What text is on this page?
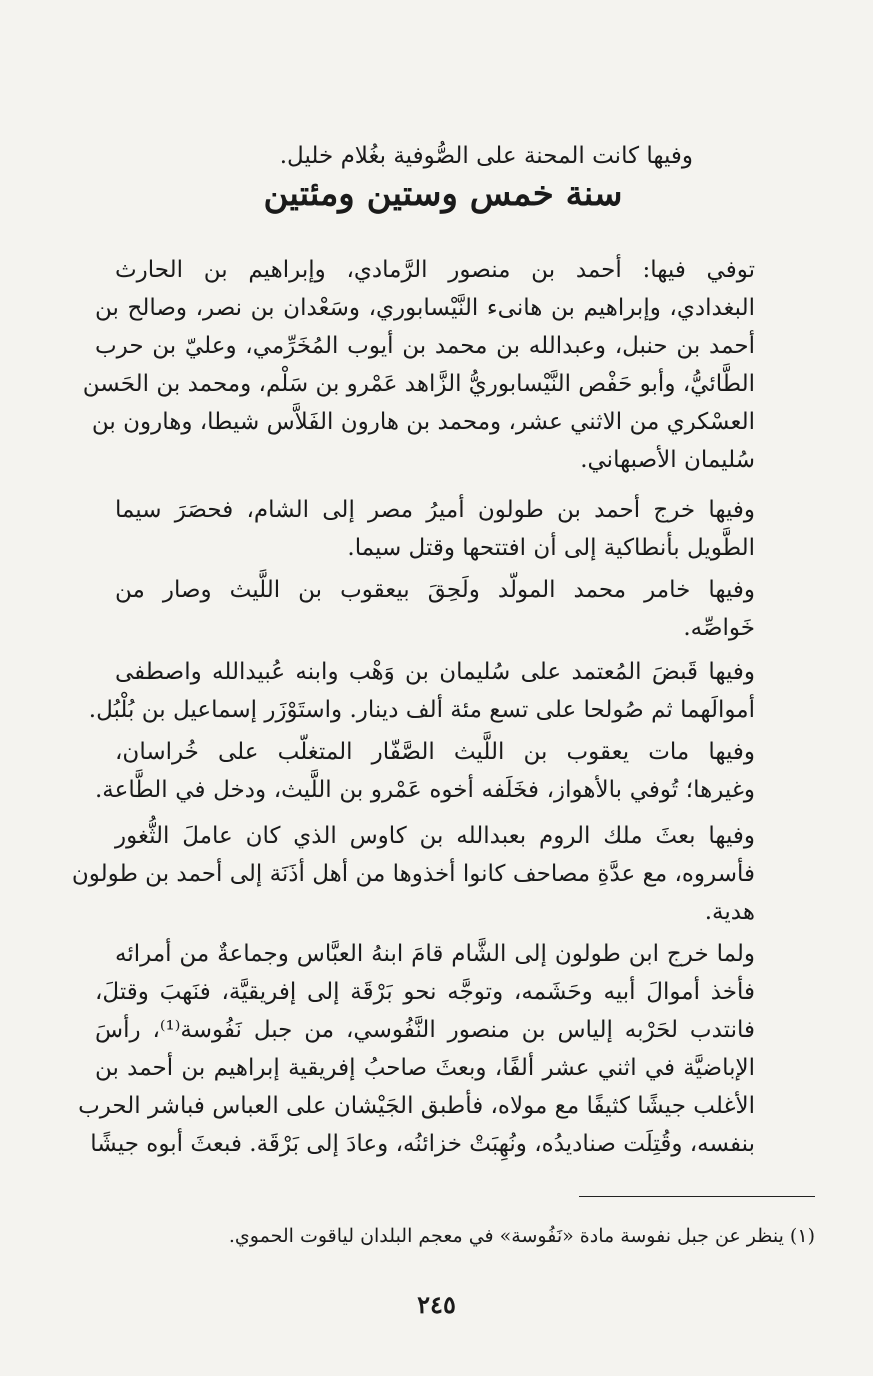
وفيها كانت المحنة على الصُّوفية بغُلام خليل.
سنة خمس وستين ومئتين
توفي فيها: أحمد بن منصور الرَّمادي، وإبراهيم بن الحارث
البغدادي، وإبراهيم بن هانىء النَّيْسابوري، وسَعْدان بن نصر، وصالح بن
أحمد بن حنبل، وعبدالله بن محمد بن أيوب المُخَرِّمي، وعليّ بن حرب
الطَّائيُّ، وأبو حَفْص النَّيْسابوريُّ الزَّاهد عَمْرو بن سَلْم، ومحمد بن الحَسن
العسْكري من الاثني عشر، ومحمد بن هارون الفَلاَّس شيطا، وهارون بن
سُليمان الأصبهاني.
وفيها خرج أحمد بن طولون أميرُ مصر إلى الشام، فحصَرَ سيما
الطَّويل بأنطاكية إلى أن افتتحها وقتل سيما.
وفيها خامر محمد المولّد ولَحِقَ بيعقوب بن اللَّيث وصار من
خَواصِّه.
وفيها قَبضَ المُعتمد على سُليمان بن وَهْب وابنه عُبيدالله واصطفى
أموالَهما ثم صُولحا على تسع مئة ألف دينار. واستَوْزَر إسماعيل بن بُلْبُل.
وفيها مات يعقوب بن اللَّيث الصَّفّار المتغلّب على خُراسان،
وغيرها؛ تُوفي بالأهواز، فخَلَفه أخوه عَمْرو بن اللَّيث، ودخل في الطَّاعة.
وفيها بعثَ ملك الروم بعبدالله بن كاوس الذي كان عاملَ الثُّغور
فأسروه، مع عدَّةِ مصاحف كانوا أخذوها من أهل أذَنَة إلى أحمد بن طولون
هدية.
ولما خرج ابن طولون إلى الشَّام قامَ ابنهُ العبَّاس وجماعةٌ من أمرائه
فأخذ أموالَ أبيه وحَشَمه، وتوجَّه نحو بَرْقَة إلى إفريقيَّة، فنَهبَ وقتلَ،
فانتدب لحَرْبه إلياس بن منصور النَّفُوسي، من جبل نَفُوسة⁽¹⁾، رأسَ
الإباضيَّة في اثني عشر ألفًا، وبعثَ صاحبُ إفريقية إبراهيم بن أحمد بن
الأغلب جيشًا كثيفًا مع مولاه، فأطبق الجَيْشان على العباس فباشر الحرب
بنفسه، وقُتِلَت صناديدُه، ونُهِبَتْ خزائنُه، وعادَ إلى بَرْقَة. فبعثَ أبوه جيشًا
(١) ينظر عن جبل نفوسة مادة «نَفُوسة» في معجم البلدان لياقوت الحموي.
٢٤٥
